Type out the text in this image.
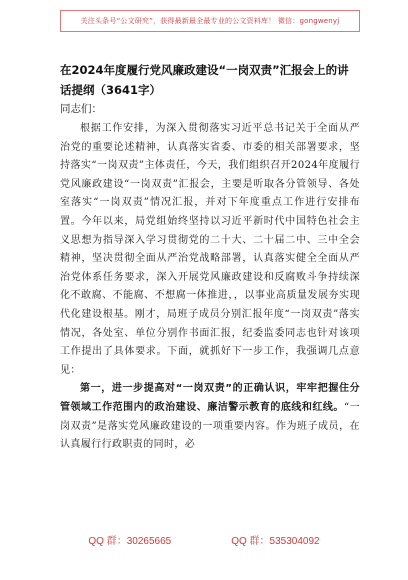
关注头条号“公文研究”，获得最新最全最专业的公文资料库！ 微信：gongwenyj
在2024年度履行党风廉政建设“一岗双责”汇报会上的讲话提纲（3641字）
同志们：

根据工作安排，为深入贯彻落实习近平总书记关于全面从严治党的重要论述精神，认真落实省委、市委的相关部署要求，坚持落实“一岗双责”主体责任，今天，我们组织召开2024年度履行党风廉政建设“一岗双责”汇报会，主要是听取各分管领导、各处室落实“一岗双责”情况汇报，并对下年度重点工作进行安排布置。今年以来，局党组始终坚持以习近平新时代中国特色社会主义思想为指导深入学习贯彻党的二十大、二十届二中、三中全会精神，坚决贯彻全面从严治党战略部署，认真落实健全全面从严治党体系任务要求，深入开展党风廉政建设和反腐败斗争持续深化不敢腐、不能腐、不想腐一体推进，，以事业高质量发展夯实现代化建设根基。刚才，局班子成员分别汇报年度“一岗双责”落实情况，各处室、单位分别作书面汇报，纪委监委同志也针对该项工作提出了具体要求。下面，就抓好下一步工作，我强调几点意见：

第一，进一步提高对“一岗双责”的正确认识，牢牢把握住分管领域工作范围内的政治建设、廉洁警示教育的底线和红线。“一岗双责”是落实党风廉政建设的一项重要内容。作为班子成员，在认真履行行政职责的同时，必

QQ 群：30265665	QQ 群：535304092
